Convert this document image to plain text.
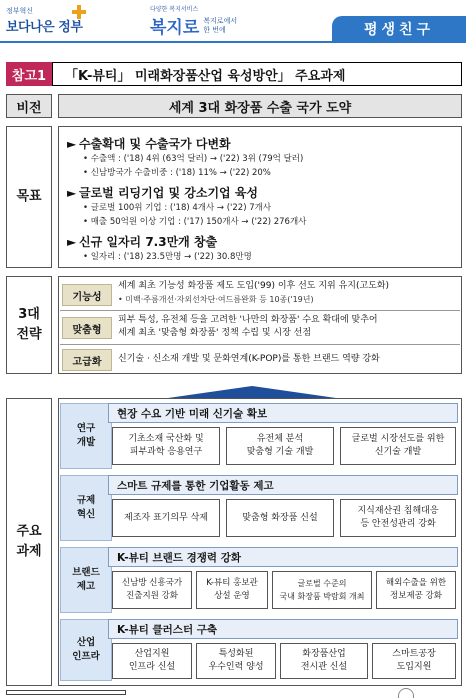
정부혁신
보다나은 정부
다양한 복지서비스
복지로 복지로에서
한 번에	평생친구
참고1	「K-뷰티」 미래화장품산업 육성방안」 주요과제
비전	세계 3대 화장품 수출 국가 도약
목표
► 수출확대 및 수출국가 다변화
• 수출액 : ('18) 4위 (63억 달러) → ('22) 3위 (79억 달러)
• 신남방국가 수출비중 : ('18) 11% → ('22) 20%
► 글로벌 리딩기업 및 강소기업 육성
• 글로벌 100위 기업 : ('18) 4개사 → ('22) 7개사
• 매출 50억원 이상 기업 : ('17) 150개사 → ('22) 276개사
► 신규 일자리 7.3만개 창출
• 일자리 : ('18) 23.5만명 → ('22) 30.8만명
3대
전략
기능성
세계 최초 기능성 화장품 제도 도입('99) 이후 선도 지위 유지(고도화)
• 미백·주름개선·자외선차단·여드름완화 등 10종('19년)
맞춤형
피부 특성, 유전체 등을 고려한 '나만의 화장품' 수요 확대에 맞추어
세계 최초 '맞춤형 화장품' 정책 수립 및 시장 선점
고급화	신기술 · 신소재 개발 및 문화연계(K-POP)를 통한 브랜드 역량 강화
주요
과제
연구
개발
현장 수요 기반 미래 신기술 확보
기초소재 국산화 및
피부과학 응용연구
유전체 분석
맞춤형 기술 개발
글로벌 시장선도를 위한
신기술 개발
규제
혁신
스마트 규제를 통한 기업활동 제고
제조자 표기의무 삭제	맞춤형 화장품 신설
지식재산권 침해대응
등 안전성관리 강화
브랜드
제고
K-뷰티 브랜드 경쟁력 강화
신남방 신흥국가
진출지원 강화
K-뷰티 홍보관
상설 운영
글로벌 수준의
국내 화장품 박람회 개최
해외수출을 위한
정보제공 강화
산업
인프라
K-뷰티 클러스터 구축
산업지원
인프라 신설
특성화된
우수인력 양성
화장품산업
전시관 신설
스마트공장
도입지원
